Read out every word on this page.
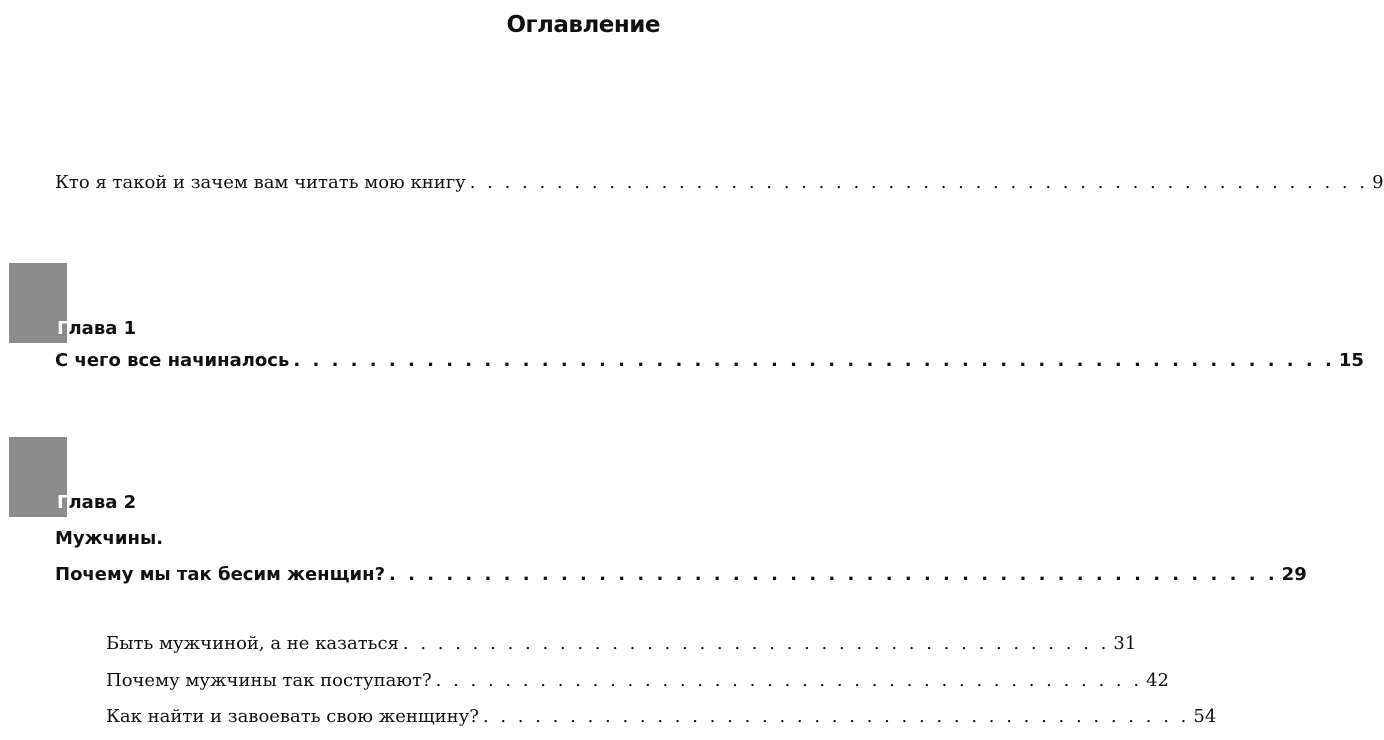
Оглавление
Кто я такой и зачем вам читать мою книгу . . . . . . . . . . . . . . . . . . . . . . . . . . . . . . . . . . . . . . . . . . . . . . . . . . . . 9

Глава 1

С чего все начиналось . . . . . . . . . . . . . . . . . . . . . . . . . . . . . . . . . . . . . . . . . . . . . . . . . . . . . . . 15

Глава 2

Мужчины.

Почему мы так бесим женщин? . . . . . . . . . . . . . . . . . . . . . . . . . . . . . . . . . . . . . . . . . . . . . . . 29
Быть мужчиной, а не казаться . . . . . . . . . . . . . . . . . . . . . . . . . . . . . . . . . . . . . . . . . 31
Почему мужчины так поступают? . . . . . . . . . . . . . . . . . . . . . . . . . . . . . . . . . . . . . . . . . 42
Как найти и завоевать свою женщину? . . . . . . . . . . . . . . . . . . . . . . . . . . . . . . . . . . . . . . . . . 54
